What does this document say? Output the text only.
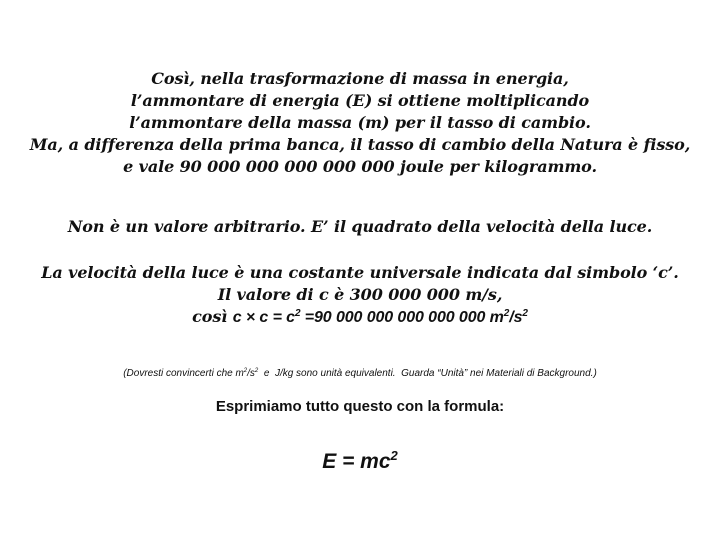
Così, nella trasformazione di massa in energia,
l’ammontare di energia (E) si ottiene moltiplicando
l’ammontare della massa (m) per il tasso di cambio.
Ma, a differenza della prima banca, il tasso di cambio della Natura è fisso,
e vale 90 000 000 000 000 000 joule per kilogrammo.
Non è un valore arbitrario. E’ il quadrato della velocità della luce.
La velocità della luce è una costante universale indicata dal simbolo ‘c’.
Il valore di c è 300 000 000 m/s,
così $c \times c = c^2 =90$ 000 000 000 000 000 $m^2/s^2$
(Dovresti convincerti che $m^2/s^2$  e  J/kg sono unità equivalenti.  Guarda “Unità” nei Materiali di Background.)
Esprimiamo tutto questo con la formula:
$E = mc^2$
